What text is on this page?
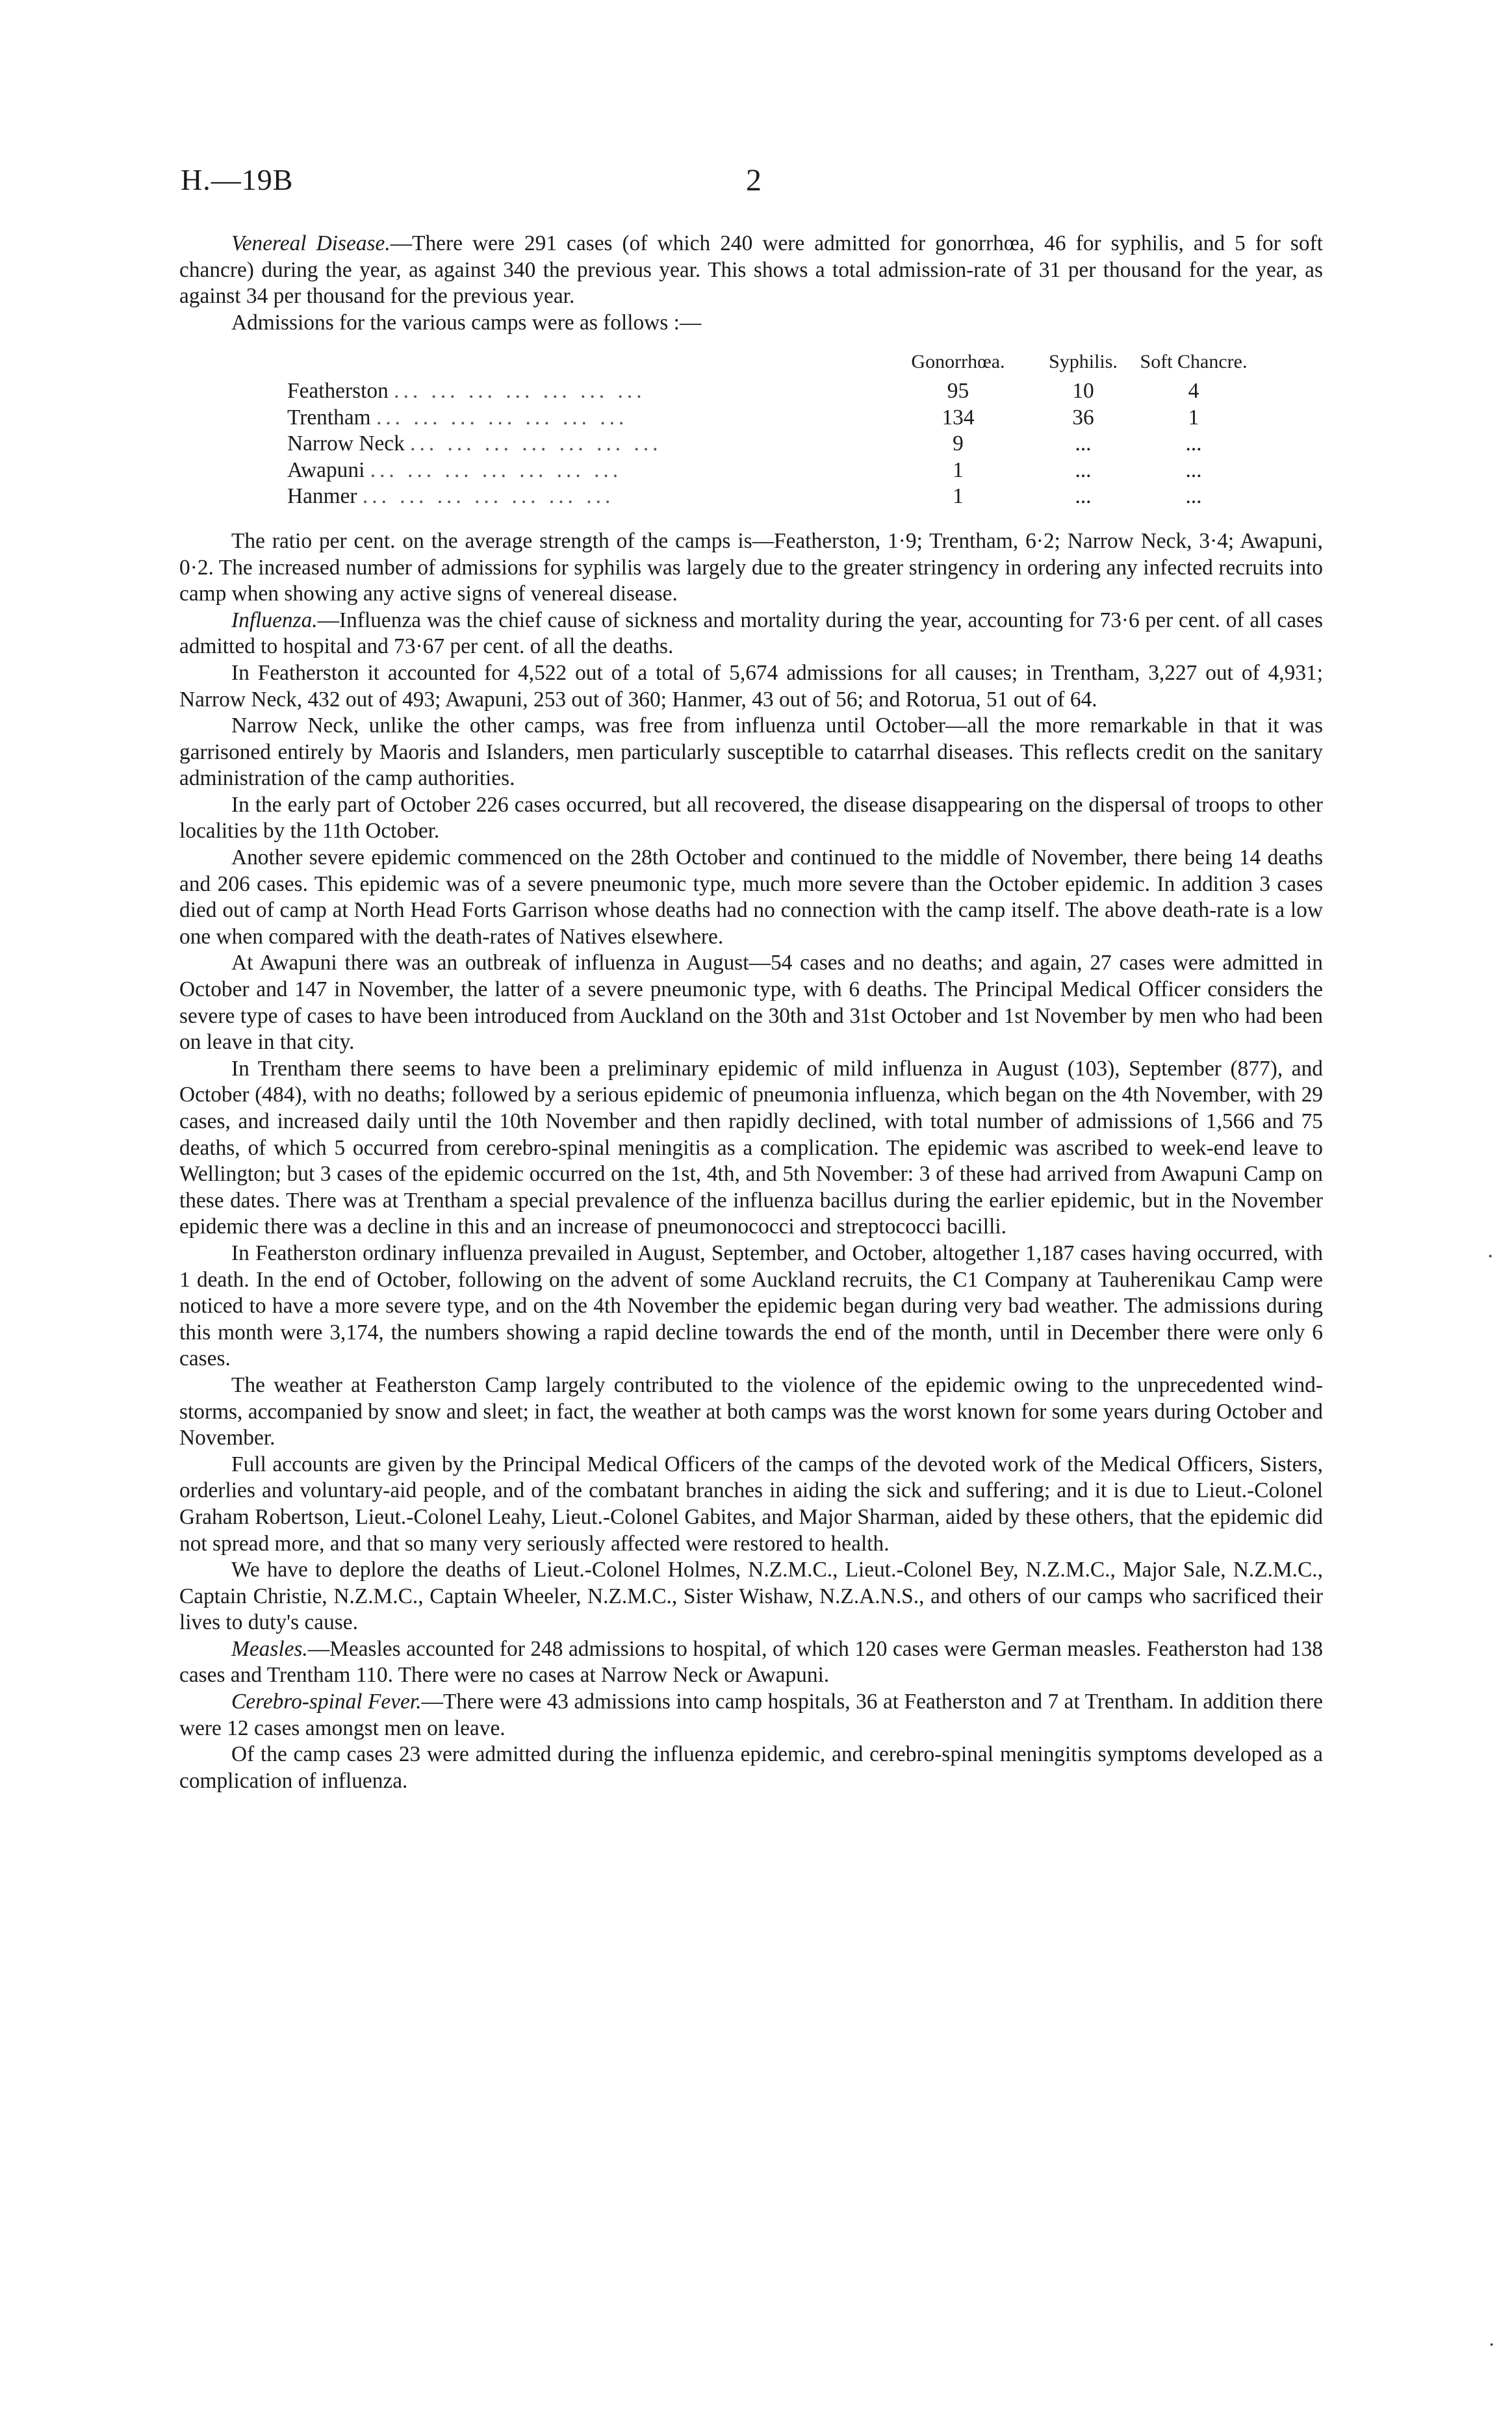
H.—19B	2

Venereal Disease.—There were 291 cases (of which 240 were admitted for gonorrhœa, 46 for syphilis, and 5 for soft chancre) during the year, as against 340 the previous year. This shows a total admission-rate of 31 per thousand for the year, as against 34 per thousand for the previous year.

Admissions for the various camps were as follows :—

	Gonorrhœa.	Syphilis.	Soft Chancre.
Featherston ... ... ... ... ... ... ...	95	10	4
Trentham ... ... ... ... ... ... ...	134	36	1
Narrow Neck ... ... ... ... ... ... ...	9	...	...
Awapuni ... ... ... ... ... ... ...	1	...	...
Hanmer ... ... ... ... ... ... ...	1	...	...

The ratio per cent. on the average strength of the camps is—Featherston, 1·9; Trentham, 6·2; Narrow Neck, 3·4; Awapuni, 0·2. The increased number of admissions for syphilis was largely due to the greater stringency in ordering any infected recruits into camp when showing any active signs of venereal disease.

Influenza.—Influenza was the chief cause of sickness and mortality during the year, accounting for 73·6 per cent. of all cases admitted to hospital and 73·67 per cent. of all the deaths.

In Featherston it accounted for 4,522 out of a total of 5,674 admissions for all causes; in Trentham, 3,227 out of 4,931; Narrow Neck, 432 out of 493; Awapuni, 253 out of 360; Hanmer, 43 out of 56; and Rotorua, 51 out of 64.

Narrow Neck, unlike the other camps, was free from influenza until October—all the more remarkable in that it was garrisoned entirely by Maoris and Islanders, men particularly susceptible to catarrhal diseases. This reflects credit on the sanitary administration of the camp authorities.

In the early part of October 226 cases occurred, but all recovered, the disease disappearing on the dispersal of troops to other localities by the 11th October.

Another severe epidemic commenced on the 28th October and continued to the middle of November, there being 14 deaths and 206 cases. This epidemic was of a severe pneumonic type, much more severe than the October epidemic. In addition 3 cases died out of camp at North Head Forts Garrison whose deaths had no connection with the camp itself. The above death-rate is a low one when compared with the death-rates of Natives elsewhere.

At Awapuni there was an outbreak of influenza in August—54 cases and no deaths; and again, 27 cases were admitted in October and 147 in November, the latter of a severe pneumonic type, with 6 deaths. The Principal Medical Officer considers the severe type of cases to have been introduced from Auckland on the 30th and 31st October and 1st November by men who had been on leave in that city.

In Trentham there seems to have been a preliminary epidemic of mild influenza in August (103), September (877), and October (484), with no deaths; followed by a serious epidemic of pneumonia influenza, which began on the 4th November, with 29 cases, and increased daily until the 10th November and then rapidly declined, with total number of admissions of 1,566 and 75 deaths, of which 5 occurred from cerebro-spinal meningitis as a complication. The epidemic was ascribed to week-end leave to Wellington; but 3 cases of the epidemic occurred on the 1st, 4th, and 5th November: 3 of these had arrived from Awapuni Camp on these dates. There was at Trentham a special prevalence of the influenza bacillus during the earlier epidemic, but in the November epidemic there was a decline in this and an increase of pneumonococci and streptococci bacilli.

In Featherston ordinary influenza prevailed in August, September, and October, altogether 1,187 cases having occurred, with 1 death. In the end of October, following on the advent of some Auckland recruits, the C1 Company at Tauherenikau Camp were noticed to have a more severe type, and on the 4th November the epidemic began during very bad weather. The admissions during this month were 3,174, the numbers showing a rapid decline towards the end of the month, until in December there were only 6 cases.

The weather at Featherston Camp largely contributed to the violence of the epidemic owing to the unprecedented wind-storms, accompanied by snow and sleet; in fact, the weather at both camps was the worst known for some years during October and November.

Full accounts are given by the Principal Medical Officers of the camps of the devoted work of the Medical Officers, Sisters, orderlies and voluntary-aid people, and of the combatant branches in aiding the sick and suffering; and it is due to Lieut.-Colonel Graham Robertson, Lieut.-Colonel Leahy, Lieut.-Colonel Gabites, and Major Sharman, aided by these others, that the epidemic did not spread more, and that so many very seriously affected were restored to health.

We have to deplore the deaths of Lieut.-Colonel Holmes, N.Z.M.C., Lieut.-Colonel Bey, N.Z.M.C., Major Sale, N.Z.M.C., Captain Christie, N.Z.M.C., Captain Wheeler, N.Z.M.C., Sister Wishaw, N.Z.A.N.S., and others of our camps who sacrificed their lives to duty's cause.

Measles.—Measles accounted for 248 admissions to hospital, of which 120 cases were German measles. Featherston had 138 cases and Trentham 110. There were no cases at Narrow Neck or Awapuni.

Cerebro-spinal Fever.—There were 43 admissions into camp hospitals, 36 at Featherston and 7 at Trentham. In addition there were 12 cases amongst men on leave.

Of the camp cases 23 were admitted during the influenza epidemic, and cerebro-spinal meningitis symptoms developed as a complication of influenza.

·
·
